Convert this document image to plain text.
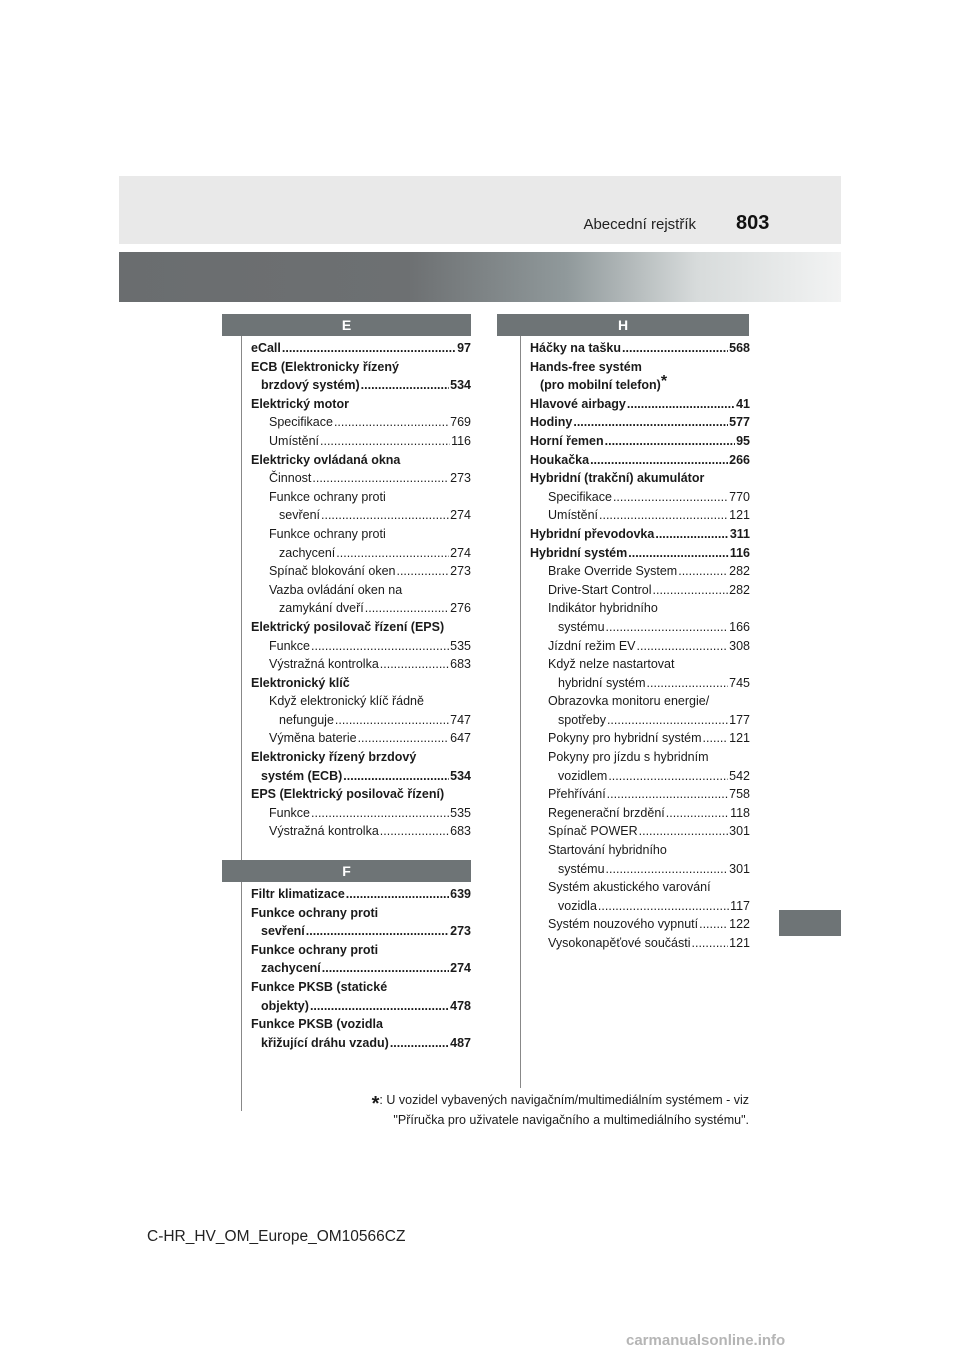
Abecední rejstřík 803
E	H
F
eCall .....	97
ECB (Elektronicky řízený
brzdový systém) .....	534
Elektrický motor
Specifikace .....	769
Umístění .....	116
Elektricky ovládaná okna
Činnost .....	273
Funkce ochrany proti
sevření .....	274
Funkce ochrany proti
zachycení .....	274
Spínač blokování oken .....	273
Vazba ovládání oken na
zamykání dveří .....	276
Elektrický posilovač řízení (EPS)
Funkce .....	535
Výstražná kontrolka .....	683
Elektronický klíč
Když elektronický klíč řádně
nefunguje .....	747
Výměna baterie .....	647
Elektronicky řízený brzdový
systém (ECB) .....	534
EPS (Elektrický posilovač řízení)
Funkce .....	535
Výstražná kontrolka .....	683
Filtr klimatizace .....	639
Funkce ochrany proti
sevření .....	273
Funkce ochrany proti
zachycení .....	274
Funkce PKSB (statické
objekty) .....	478
Funkce PKSB (vozidla
křižující dráhu vzadu) .....	487
Háčky na tašku .....	568
Hands-free systém
(pro mobilní telefon)*
Hlavové airbagy .....	41
Hodiny .....	577
Horní řemen .....	95
Houkačka .....	266
Hybridní (trakční) akumulátor
Specifikace .....	770
Umístění .....	121
Hybridní převodovka .....	311
Hybridní systém .....	116
Brake Override System .....	282
Drive-Start Control .....	282
Indikátor hybridního
systému .....	166
Jízdní režim EV .....	308
Když nelze nastartovat
hybridní systém .....	745
Obrazovka monitoru energie/
spotřeby .....	177
Pokyny pro hybridní systém ..... 121
Pokyny pro jízdu s hybridním
vozidlem .....	542
Přehřívání .....	758
Regenerační brzdění .....	118
Spínač POWER .....	301
Startování hybridního
systému .....	301
Systém akustického varování
vozidla .....	117
Systém nouzového vypnutí ..... 122
Vysokonapěťové součásti .....	121
*: U vozidel vybavených navigačním/multimediálním systémem - viz
"Příručka pro uživatele navigačního a multimediálního systému".
C-HR_HV_OM_Europe_OM10566CZ
carmanualsonline.info
